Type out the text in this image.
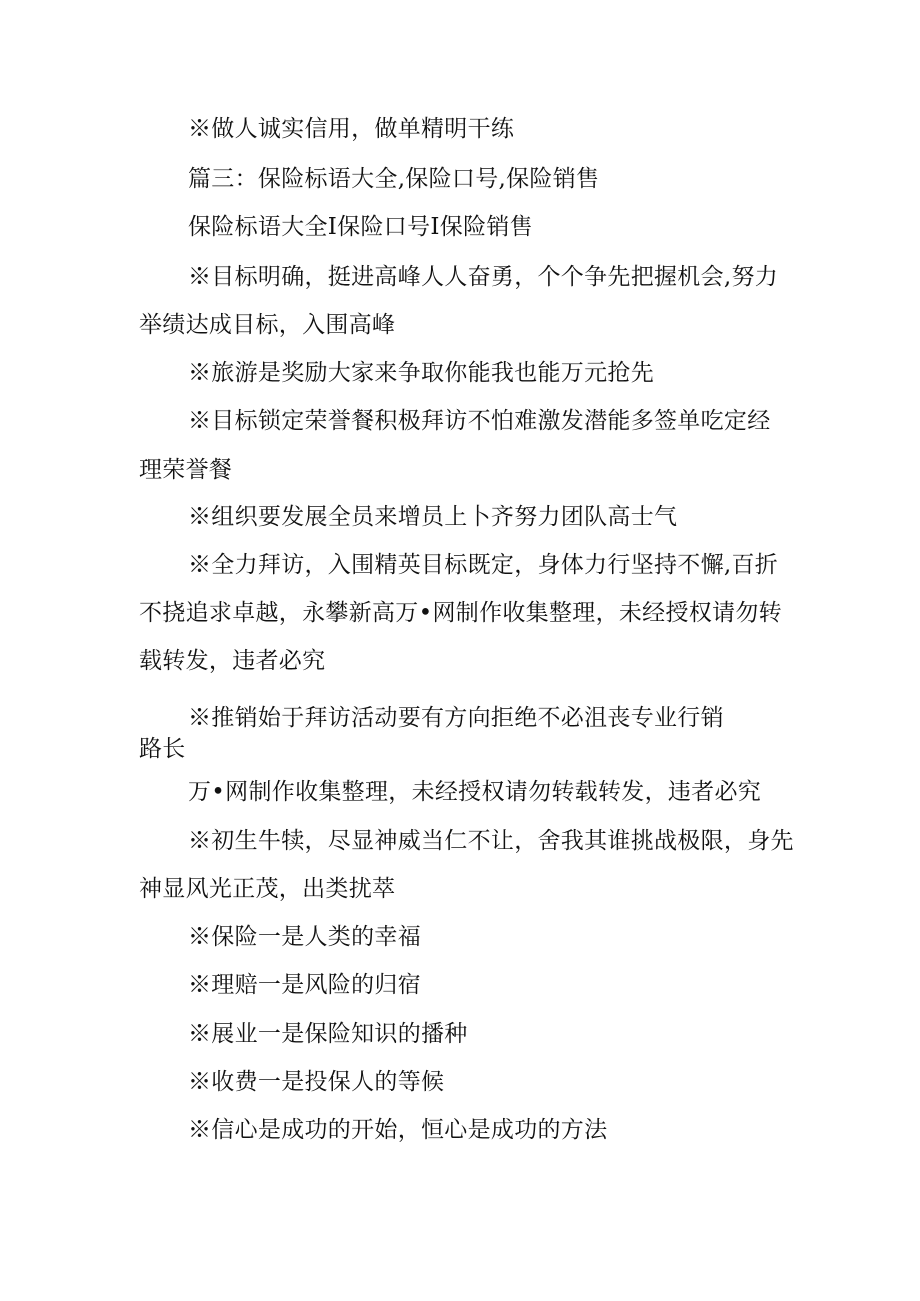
※做人诚实信用，做单精明干练
篇三：保险标语大全,保险口号,保险销售
保险标语大全I保险口号I保险销售
※目标明确，挺进高峰人人奋勇，个个争先把握机会,努力
举绩达成目标，入围高峰
※旅游是奖励大家来争取你能我也能万元抢先
※目标锁定荣誉餐积极拜访不怕难激发潜能多签单吃定经
理荣誉餐
※组织要发展全员来增员上卜齐努力团队高士气
※全力拜访，入围精英目标既定，身体力行坚持不懈,百折
不挠追求卓越，永攀新高万•网制作收集整理，未经授权请勿转
载转发，违者必究
※推销始于拜访活动要有方向拒绝不必沮丧专业行销
路长
万•网制作收集整理，未经授权请勿转载转发，违者必究
※初生牛犊，尽显神威当仁不让，舍我其谁挑战极限，身先
神显风光正茂，出类扰萃
※保险一是人类的幸福
※理赔一是风险的归宿
※展业一是保险知识的播种
※收费一是投保人的等候
※信心是成功的开始，恒心是成功的方法
